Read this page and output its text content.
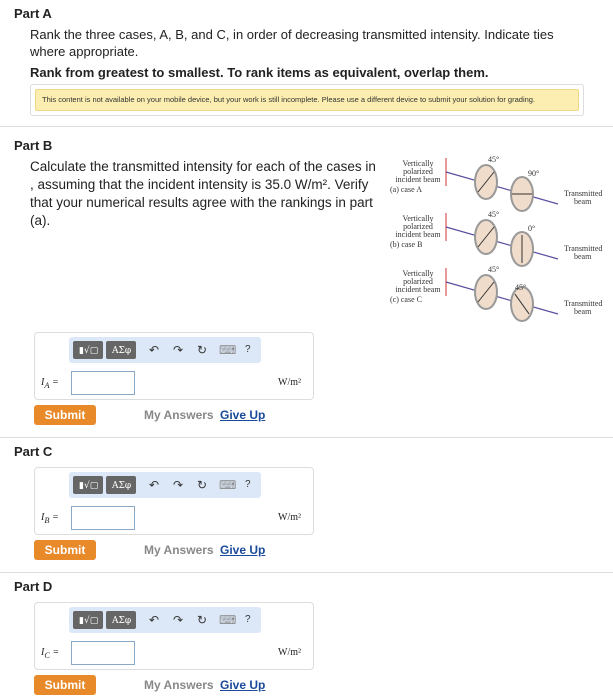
Part A
Rank the three cases, A, B, and C, in order of decreasing transmitted intensity. Indicate ties where appropriate.
Rank from greatest to smallest. To rank items as equivalent, overlap them.
This content is not available on your mobile device, but your work is still incomplete. Please use a different device to submit your solution for grading.
Part B
Calculate the transmitted intensity for each of the cases in , assuming that the incident intensity is 35.0 W/m². Verify that your numerical results agree with the rankings in part (a).
Vertically
polarized
incident beam
(a) case A
45°
90°
Transmitted
beam
Vertically
polarized
incident beam
(b) case B
45°
0°
Transmitted
beam
Vertically
polarized
incident beam
(c) case C
45°
45°
Transmitted
beam
▮√▢	ΑΣφ	↶ ↷ ↻ ⌨ ?
$I_A$ =	W/m²
Submit	My Answers Give Up
Part C
▮√▢	ΑΣφ	↶ ↷ ↻ ⌨ ?
$I_B$ =	W/m²
Submit	My Answers Give Up
Part D
▮√▢	ΑΣφ	↶ ↷ ↻ ⌨ ?
$I_C$ =	W/m²
Submit	My Answers Give Up
